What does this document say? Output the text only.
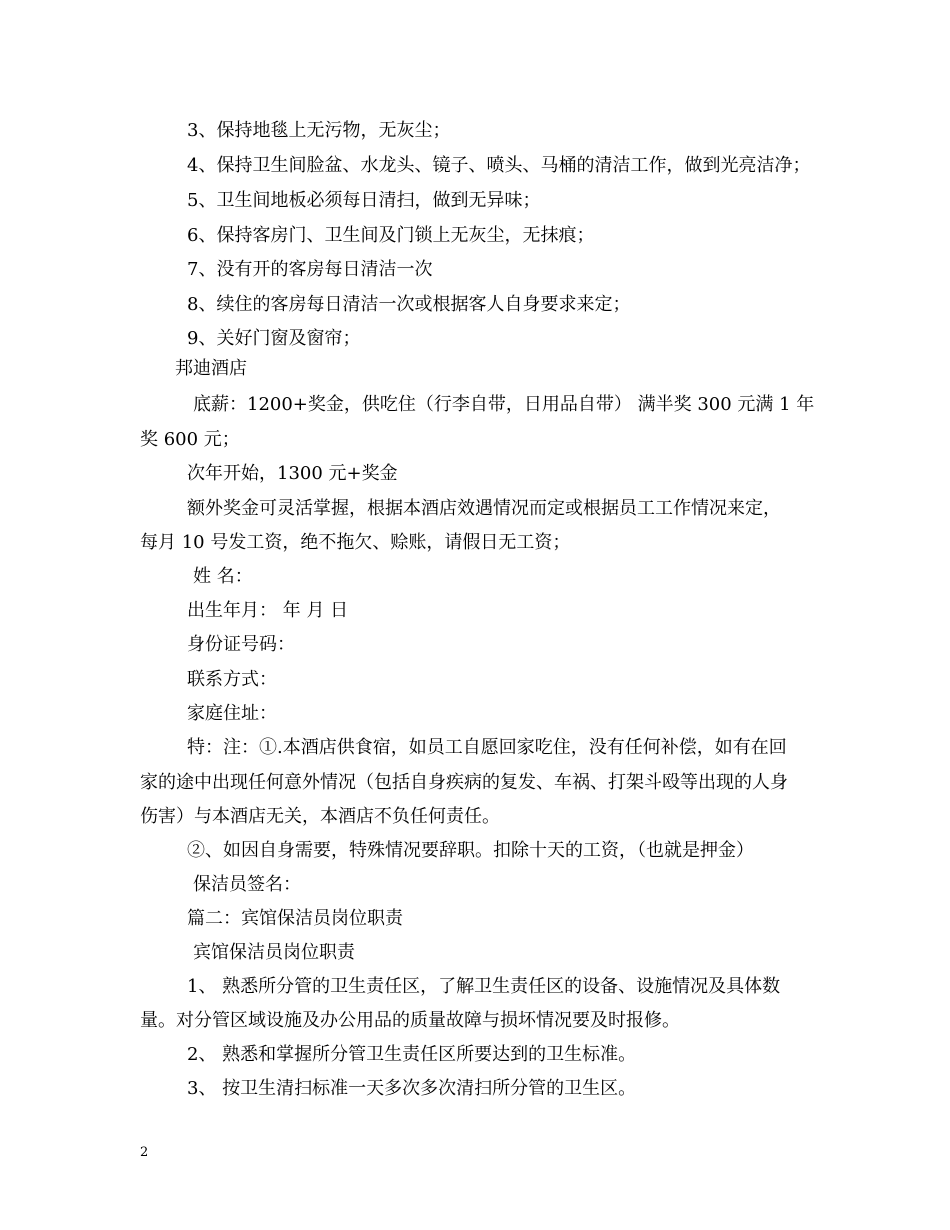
3、保持地毯上无污物，无灰尘；
4、保持卫生间脸盆、水龙头、镜子、喷头、马桶的清洁工作，做到光亮洁净；
5、卫生间地板必须每日清扫，做到无异味；
6、保持客房门、卫生间及门锁上无灰尘，无抹痕；
7、没有开的客房每日清洁一次
8、续住的客房每日清洁一次或根据客人自身要求来定；
9、关好门窗及窗帘；
邦迪酒店
底薪：1200+奖金，供吃住（行李自带，日用品自带） 满半奖 300 元满 1 年
奖 600 元；
次年开始，1300 元+奖金
额外奖金可灵活掌握，根据本酒店效遇情况而定或根据员工工作情况来定，
每月 10 号发工资，绝不拖欠、赊账，请假日无工资；
姓 名：
出生年月： 年 月 日
身份证号码：
联系方式：
家庭住址：
特：注：①.本酒店供食宿，如员工自愿回家吃住，没有任何补偿，如有在回
家的途中出现任何意外情况（包括自身疾病的复发、车祸、打架斗殴等出现的人身
伤害）与本酒店无关，本酒店不负任何责任。
②、如因自身需要，特殊情况要辞职。扣除十天的工资，（也就是押金）
保洁员签名：
篇二：宾馆保洁员岗位职责
宾馆保洁员岗位职责
1、 熟悉所分管的卫生责任区，了解卫生责任区的设备、设施情况及具体数
量。对分管区域设施及办公用品的质量故障与损坏情况要及时报修。
2、 熟悉和掌握所分管卫生责任区所要达到的卫生标准。
3、 按卫生清扫标准一天多次多次清扫所分管的卫生区。
2
